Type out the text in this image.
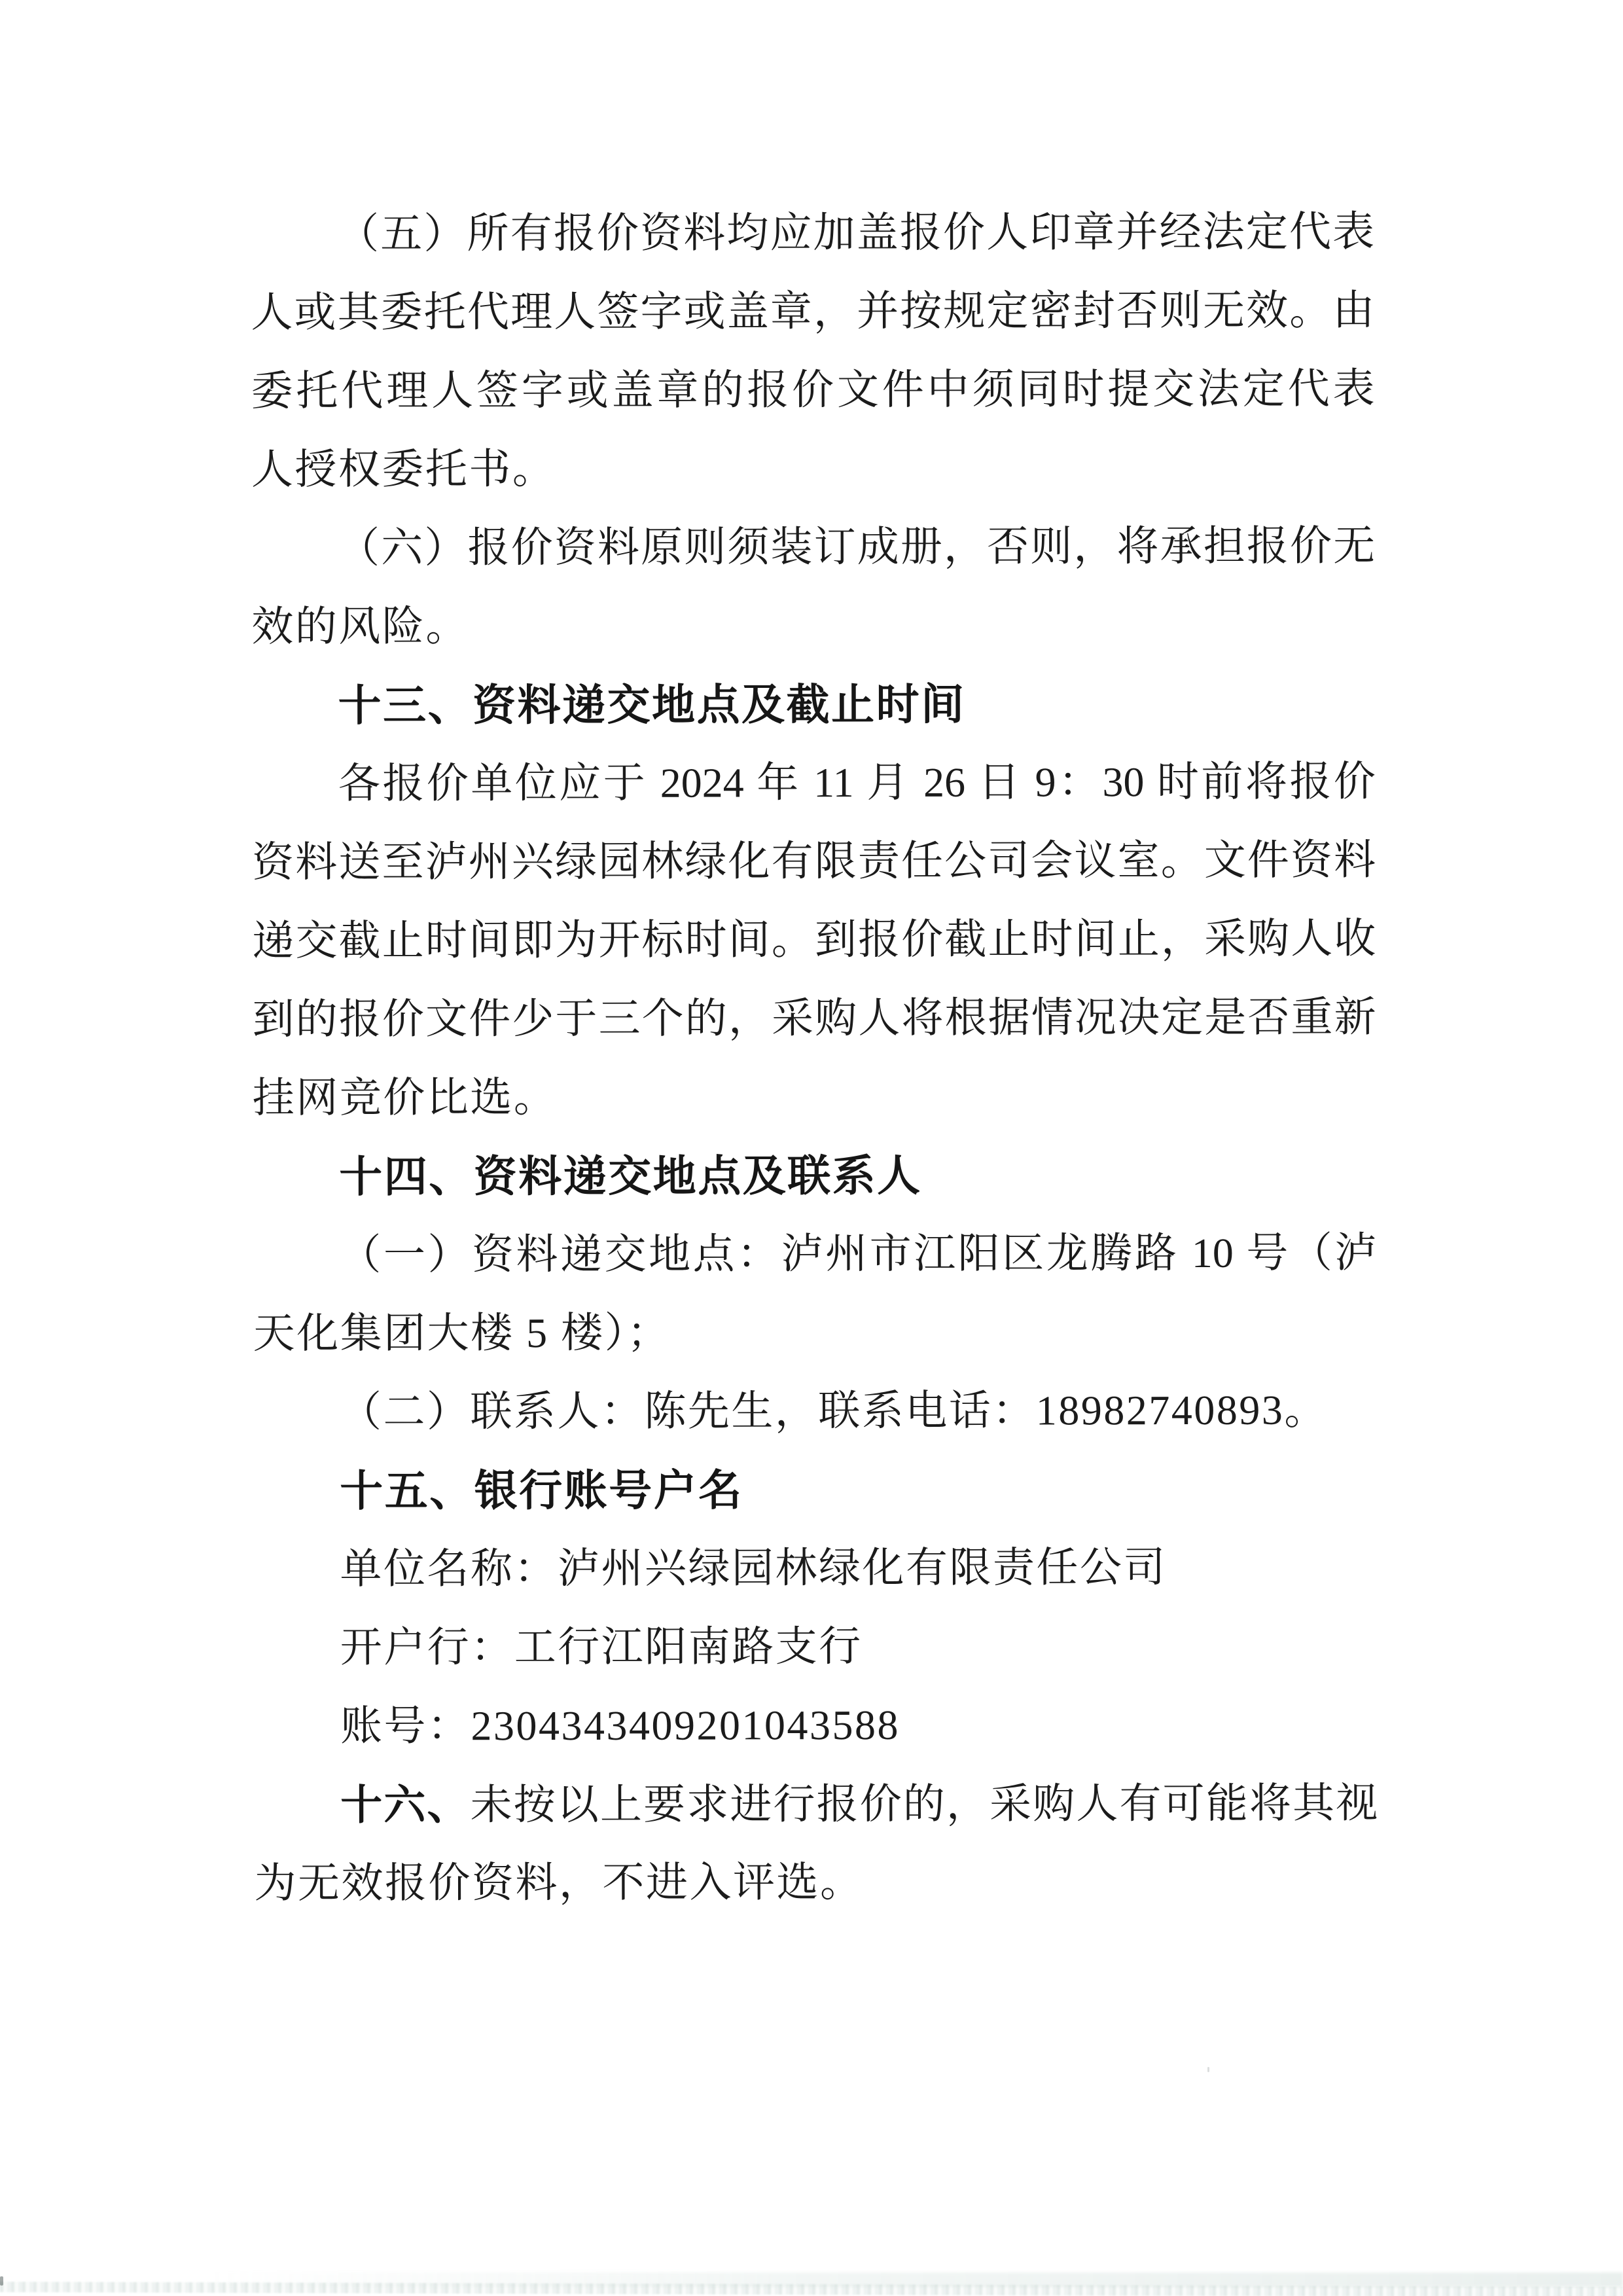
（五）所有报价资料均应加盖报价人印章并经法定代表
人或其委托代理人签字或盖章，并按规定密封否则无效。由
委托代理人签字或盖章的报价文件中须同时提交法定代表
人授权委托书。
（六）报价资料原则须装订成册，否则，将承担报价无
效的风险。
十三、资料递交地点及截止时间
各报价单位应于 2024 年 11 月 26 日 9：30 时前将报价
资料送至泸州兴绿园林绿化有限责任公司会议室。文件资料
递交截止时间即为开标时间。到报价截止时间止，采购人收
到的报价文件少于三个的，采购人将根据情况决定是否重新
挂网竞价比选。
十四、资料递交地点及联系人
（一）资料递交地点：泸州市江阳区龙腾路 10 号（泸
天化集团大楼 5 楼）；
（二）联系人：陈先生，联系电话：18982740893。
十五、银行账号户名
单位名称：泸州兴绿园林绿化有限责任公司
开户行：工行江阳南路支行
账号：2304343409201043588
十六、未按以上要求进行报价的，采购人有可能将其视
为无效报价资料，不进入评选。
